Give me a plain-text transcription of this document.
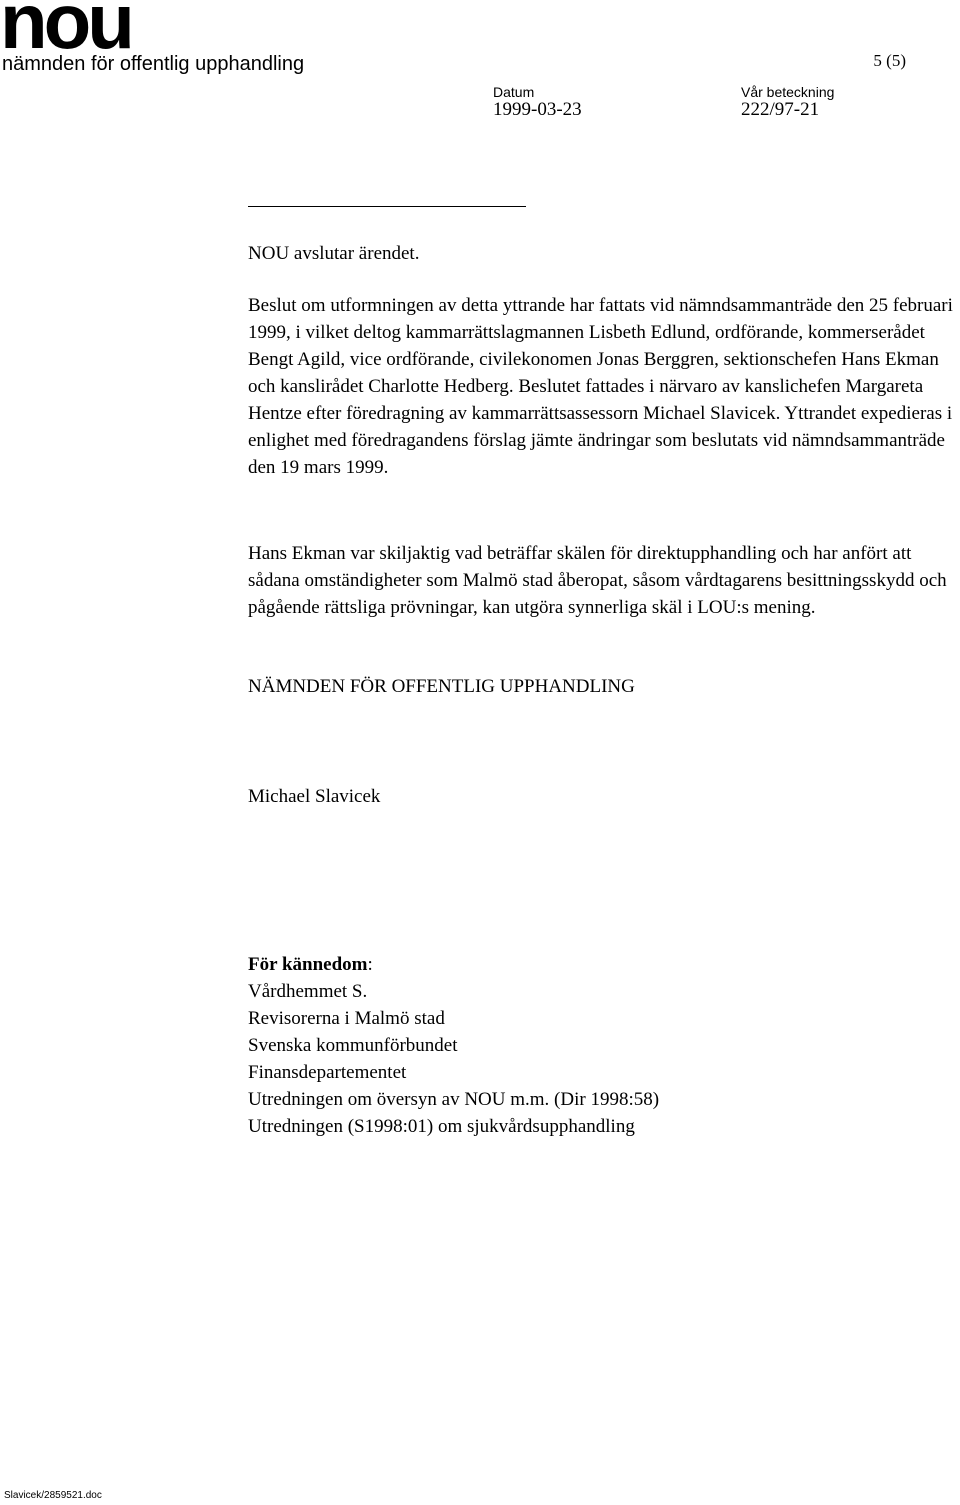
nou
nämnden för offentlig upphandling	5 (5)
Datum
1999-03-23
Vår beteckning
222/97-21

NOU avslutar ärendet.

Beslut om utformningen av detta yttrande har fattats vid nämndsammanträde den 25 februari 1999, i vilket deltog kammarrättslagmannen Lisbeth Edlund, ordförande, kommerserådet Bengt Agild, vice ordförande, civilekonomen Jonas Berggren, sektionschefen Hans Ekman och kanslirådet Charlotte Hedberg. Beslutet fattades i närvaro av kanslichefen Margareta Hentze efter föredragning av kammarrättsassessorn Michael Slavicek. Yttrandet expedieras i enlighet med föredragandens förslag jämte ändringar som beslutats vid nämndsammanträde den 19 mars 1999.

Hans Ekman var skiljaktig vad beträffar skälen för direktupphandling och har anfört att sådana omständigheter som Malmö stad åberopat, såsom vårdtagarens besittningsskydd och pågående rättsliga prövningar, kan utgöra synnerliga skäl i LOU:s mening.

NÄMNDEN FÖR OFFENTLIG UPPHANDLING
Michael Slavicek
För kännedom:
Vårdhemmet S.
Revisorerna i Malmö stad
Svenska kommunförbundet
Finansdepartementet
Utredningen om översyn av NOU m.m. (Dir 1998:58)
Utredningen (S1998:01) om sjukvårdsupphandling
Slavicek/2859521.doc
